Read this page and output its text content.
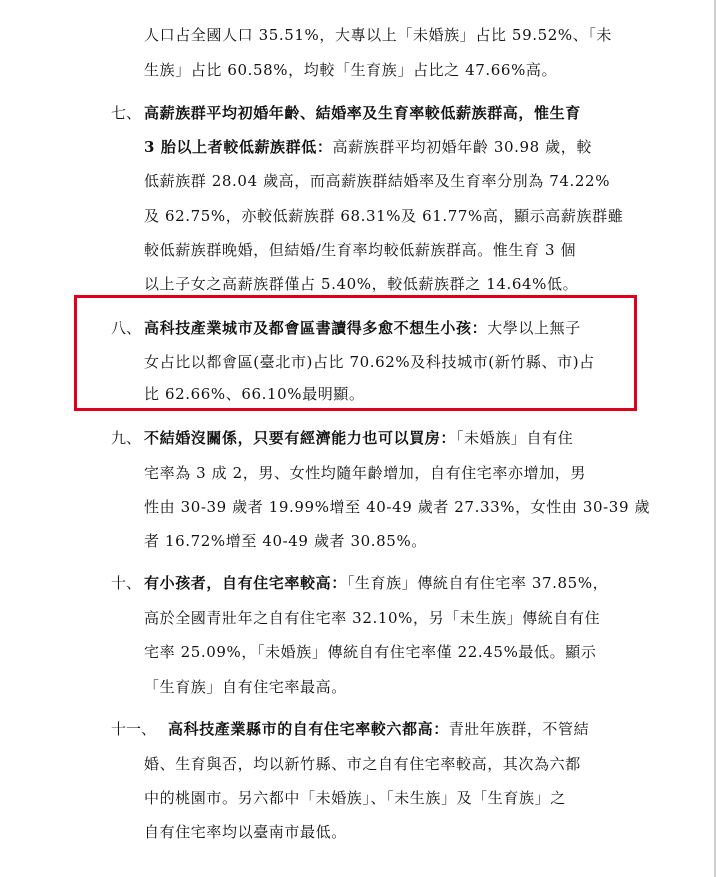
人口占全國人口 35.51%，大專以上「未婚族」占比 59.52%、「未
生族」占比 60.58%，均較「生育族」占比之 47.66%高。
七、 高薪族群平均初婚年齡、結婚率及生育率較低薪族群高，惟生育
3 胎以上者較低薪族群低：高薪族群平均初婚年齡 30.98 歲，較
低薪族群 28.04 歲高，而高薪族群結婚率及生育率分別為 74.22%
及 62.75%，亦較低薪族群 68.31%及 61.77%高，顯示高薪族群雖
較低薪族群晚婚，但結婚/生育率均較低薪族群高。惟生育 3 個
以上子女之高薪族群僅占 5.40%，較低薪族群之 14.64%低。
八、 高科技產業城市及都會區書讀得多愈不想生小孩：大學以上無子
女占比以都會區(臺北市)占比 70.62%及科技城市(新竹縣、市)占
比 62.66%、66.10%最明顯。
九、 不結婚沒關係，只要有經濟能力也可以買房：「未婚族」自有住
宅率為 3 成 2，男、女性均隨年齡增加，自有住宅率亦增加，男
性由 30-39 歲者 19.99%增至 40-49 歲者 27.33%，女性由 30-39 歲
者 16.72%增至 40-49 歲者 30.85%。
十、 有小孩者，自有住宅率較高：「生育族」傳統自有住宅率 37.85%，
高於全國青壯年之自有住宅率 32.10%，另「未生族」傳統自有住
宅率 25.09%，「未婚族」傳統自有住宅率僅 22.45%最低。顯示
「生育族」自有住宅率最高。
十一、 高科技產業縣市的自有住宅率較六都高：青壯年族群，不管結
婚、生育與否，均以新竹縣、市之自有住宅率較高，其次為六都
中的桃園市。另六都中「未婚族」、「未生族」及「生育族」之
自有住宅率均以臺南市最低。
